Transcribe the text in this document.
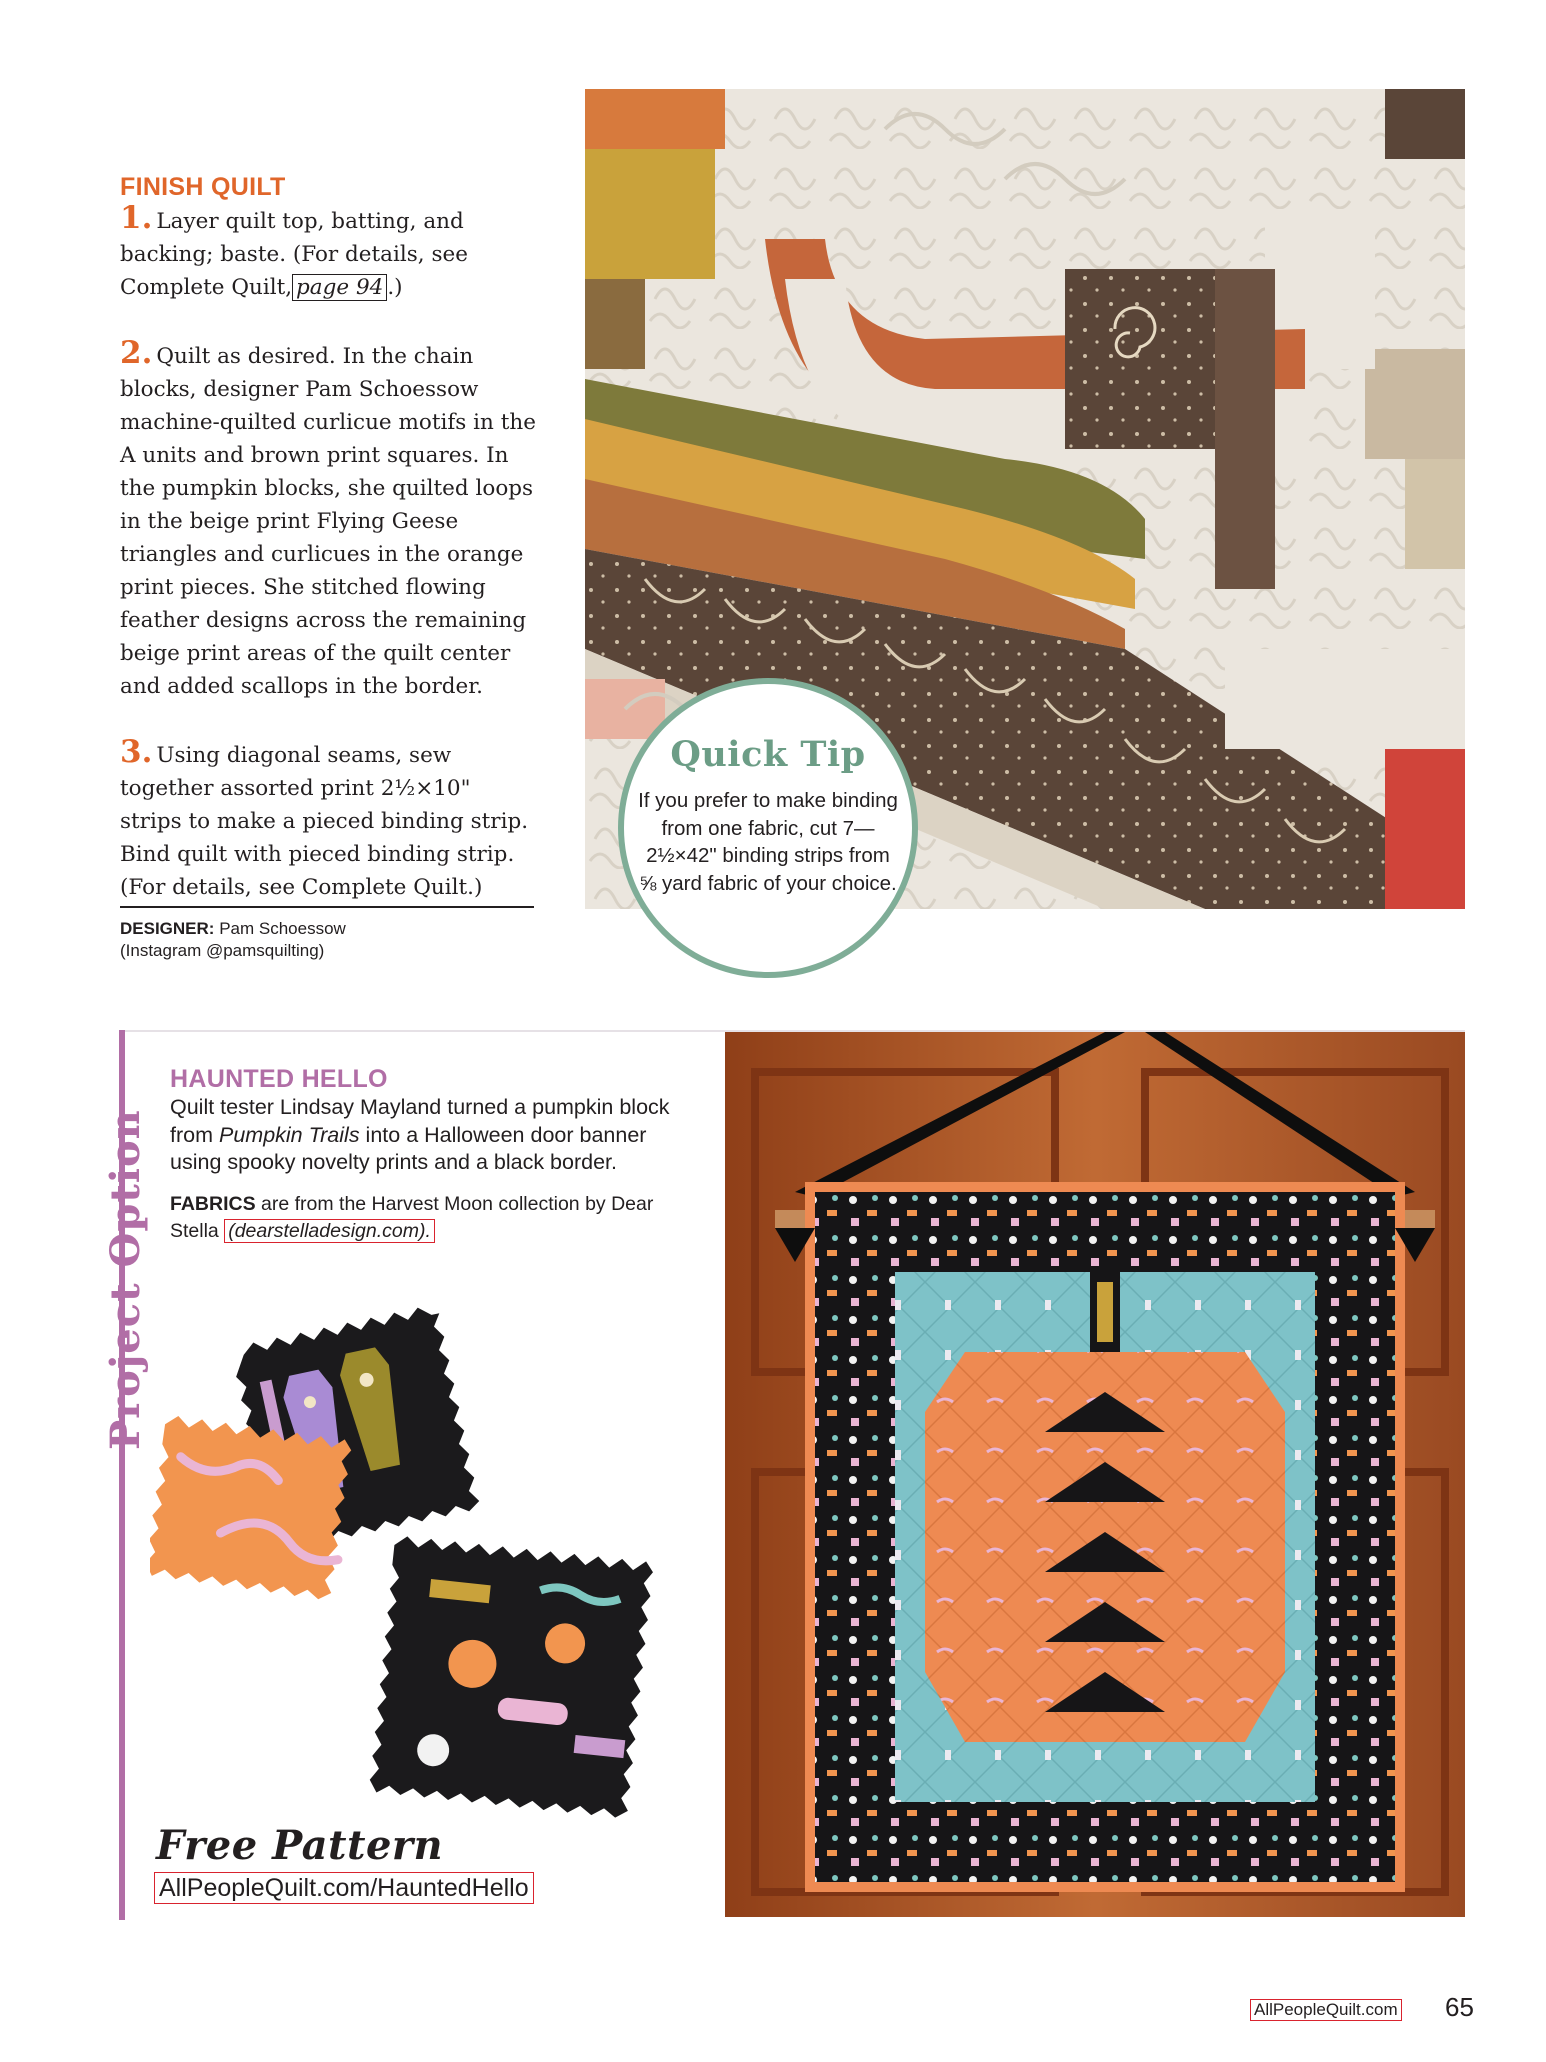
FINISH QUILT

1. Layer quilt top, batting, and backing; baste. (For details, see Complete Quilt, page 94 .)

2. Quilt as desired. In the chain blocks, designer Pam Schoessow machine-quilted curlicue motifs in the A units and brown print squares. In the pumpkin blocks, she quilted loops in the beige print Flying Geese triangles and curlicues in the orange print pieces. She stitched flowing feather designs across the remaining beige print areas of the quilt center and added scallops in the border.

3. Using diagonal seams, sew together assorted print 2½×10" strips to make a pieced binding strip. Bind quilt with pieced binding strip. (For details, see Complete Quilt.)

DESIGNER: Pam Schoessow
(Instagram @pamsquilting)
Quick Tip
If you prefer to make binding from one fabric, cut 7—2½×42" binding strips from ⅝ yard fabric of your choice.
Project Option
HAUNTED HELLO

Quilt tester Lindsay Mayland turned a pumpkin block from Pumpkin Trails into a Halloween door banner using spooky novelty prints and a black border.

FABRICS are from the Harvest Moon collection by Dear Stella (dearstelladesign.com).

Free Pattern
AllPeopleQuilt.com/HauntedHello
AllPeopleQuilt.com 65
